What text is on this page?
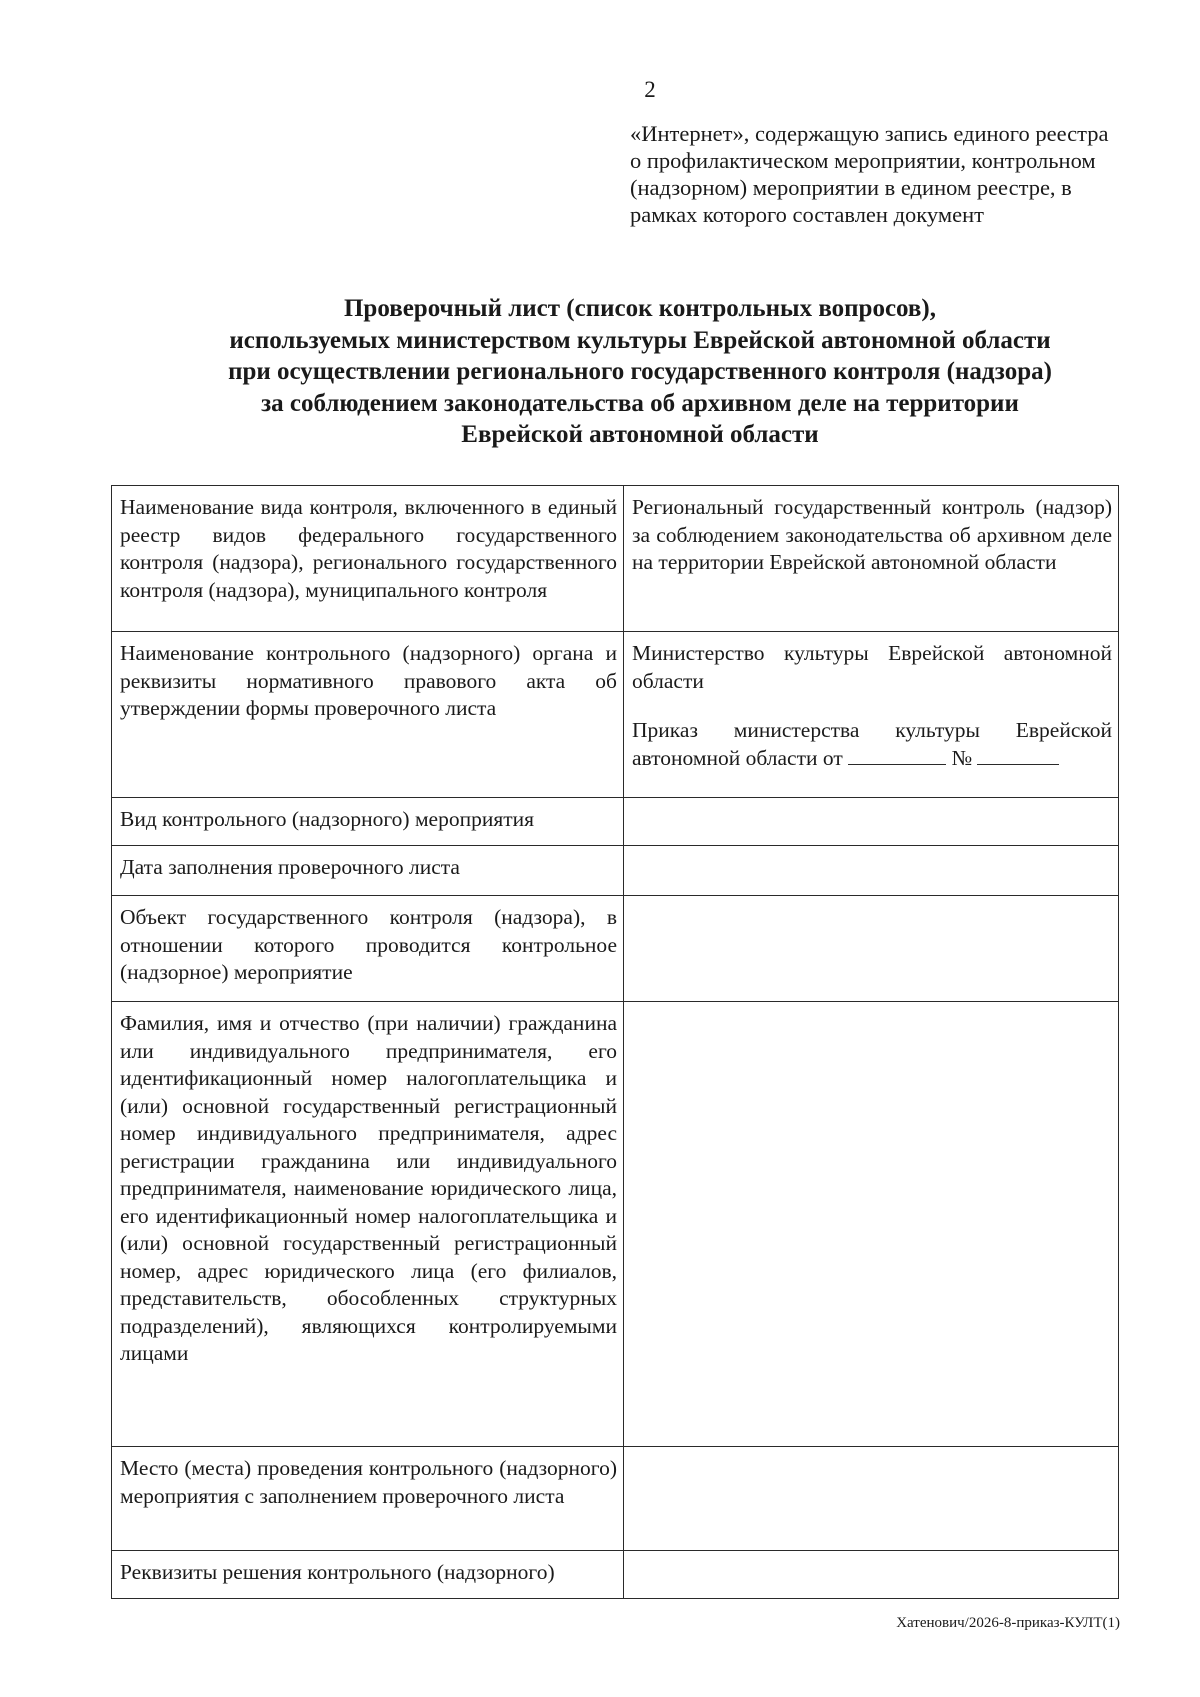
2
«Интернет», содержащую запись единого реестра о профилактическом мероприятии, контрольном (надзорном) мероприятии в едином реестре, в рамках которого составлен документ
Проверочный лист (список контрольных вопросов),
используемых министерством культуры Еврейской автономной области
при осуществлении регионального государственного контроля (надзора)
за соблюдением законодательства об архивном деле на территории
Еврейской автономной области
Наименование вида контроля, включенного в единый реестр видов федерального государственного контроля (надзора), регионального государственного контроля (надзора), муниципального контроля	Региональный государственный контроль (надзор) за соблюдением законодательства об архивном деле на территории Еврейской автономной области
Наименование контрольного (надзорного) органа и реквизиты нормативного правового акта об утверждении формы проверочного листа	Министерство культуры Еврейской автономной области
Приказ министерства культуры Еврейской автономной области от №

Вид контрольного (надзорного) мероприятия	
Дата заполнения проверочного листа	
Объект государственного контроля (надзора), в отношении которого проводится контрольное (надзорное) мероприятие	
Фамилия, имя и отчество (при наличии) гражданина или индивидуального предпринимателя, его идентификационный номер налогоплательщика и (или) основной государственный регистрационный номер индивидуального предпринимателя, адрес регистрации гражданина или индивидуального предпринимателя, наименование юридического лица, его идентификационный номер налогоплательщика и (или) основной государственный регистрационный номер, адрес юридического лица (его филиалов, представительств, обособленных структурных подразделений), являющихся контролируемыми лицами	
Место (места) проведения контрольного (надзорного) мероприятия с заполнением проверочного листа	
Реквизиты решения контрольного (надзорного)	
Хатенович/2026-8-приказ-КУЛТ(1)
